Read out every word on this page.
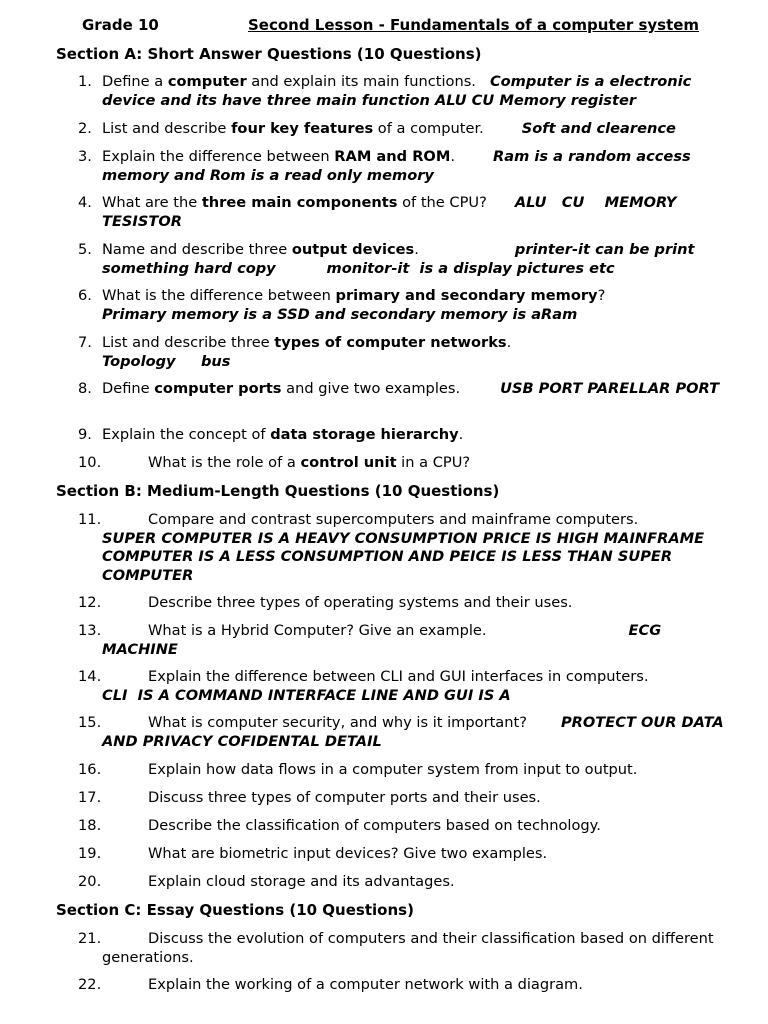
Grade 10	Second Lesson - Fundamentals of a computer system
Section A: Short Answer Questions (10 Questions)
1. Define a computer and explain its main functions. Computer is a electronic device and its have three main function ALU CU Memory register
2. List and describe four key features of a computer.	Soft and clearence
3. Explain the difference between RAM and ROM.	Ram is a random access memory and Rom is a read only memory
4. What are the three main components of the CPU? ALU   CU    MEMORY TESISTOR
5. Name and describe three output devices.	printer-it can be print something hard copy          monitor-it  is a display pictures etc
6. What is the difference between primary and secondary memory?
Primary memory is a SSD and secondary memory is aRam
7. List and describe three types of computer networks.
Topology     bus
8. Define computer ports and give two examples.	USB PORT PARELLAR PORT
9. Explain the concept of data storage hierarchy.
10.	What is the role of a control unit in a CPU?
Section B: Medium-Length Questions (10 Questions)
11.	Compare and contrast supercomputers and mainframe computers.
SUPER COMPUTER IS A HEAVY CONSUMPTION PRICE IS HIGH MAINFRAME COMPUTER IS A LESS CONSUMPTION AND PEICE IS LESS THAN SUPER COMPUTER
12.	Describe three types of operating systems and their uses.
13.	What is a Hybrid Computer? Give an example.	ECG MACHINE
14.	Explain the difference between CLI and GUI interfaces in computers.
CLI  IS A COMMAND INTERFACE LINE AND GUI IS A
15.	What is computer security, and why is it important? PROTECT OUR DATA AND PRIVACY COFIDENTAL DETAIL
16.	Explain how data flows in a computer system from input to output.
17.	Discuss three types of computer ports and their uses.
18.	Describe the classification of computers based on technology.
19.	What are biometric input devices? Give two examples.
20.	Explain cloud storage and its advantages.
Section C: Essay Questions (10 Questions)
21.	Discuss the evolution of computers and their classification based on different generations.
22.	Explain the working of a computer network with a diagram.
